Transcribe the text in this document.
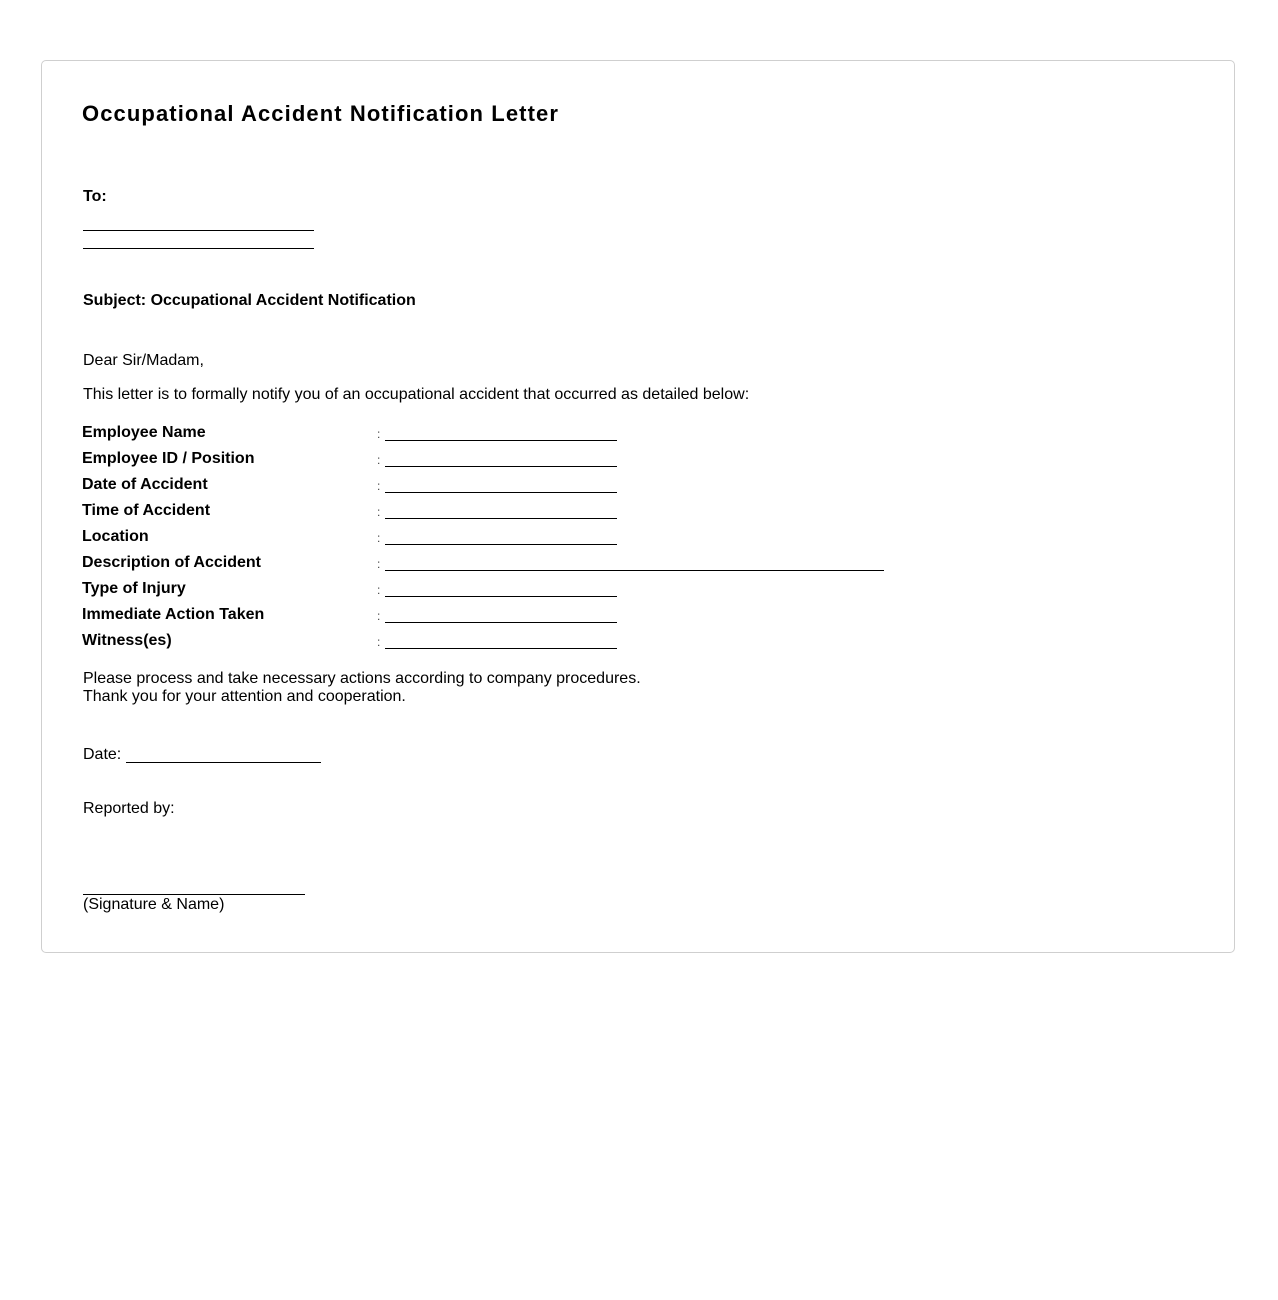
Occupational Accident Notification Letter
To:
Subject: Occupational Accident Notification
Dear Sir/Madam,
This letter is to formally notify you of an occupational accident that occurred as detailed below:
Employee Name	:
Employee ID / Position	:
Date of Accident	:
Time of Accident	:
Location	:
Description of Accident	:
Type of Injury	:
Immediate Action Taken	:
Witness(es)	:
Please process and take necessary actions according to company procedures.
Thank you for your attention and cooperation.
Date:
Reported by:
(Signature & Name)
